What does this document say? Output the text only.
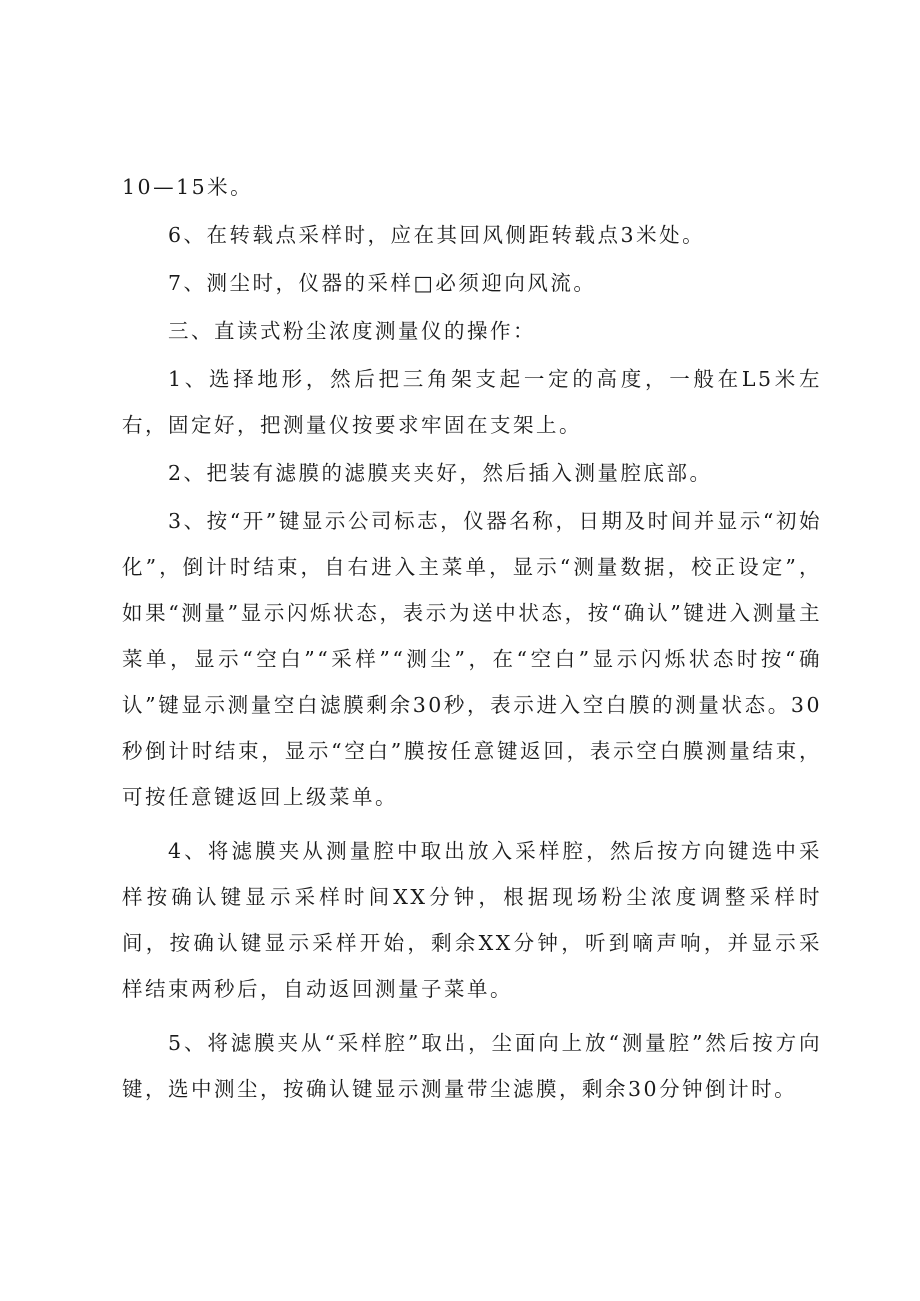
10—15米。

6、在转载点采样时，应在其回风侧距转载点3米处。

7、测尘时，仪器的采样□必须迎向风流。

三、直读式粉尘浓度测量仪的操作：

1、选择地形，然后把三角架支起一定的高度，一般在L5米左右，固定好，把测量仪按要求牢固在支架上。

2、把装有滤膜的滤膜夹夹好，然后插入测量腔底部。

3、按“开”键显示公司标志，仪器名称，日期及时间并显示“初始化”，倒计时结束，自右进入主菜单，显示“测量数据，校正设定”，如果“测量”显示闪烁状态，表示为送中状态，按“确认”键进入测量主菜单，显示“空白”“采样”“测尘”，在“空白”显示闪烁状态时按“确认”键显示测量空白滤膜剩余30秒，表示进入空白膜的测量状态。30秒倒计时结束，显示“空白”膜按任意键返回，表示空白膜测量结束，可按任意键返回上级菜单。

4、将滤膜夹从测量腔中取出放入采样腔，然后按方向键选中采样按确认键显示采样时间XX分钟，根据现场粉尘浓度调整采样时间，按确认键显示采样开始，剩余XX分钟，听到嘀声响，并显示采样结束两秒后，自动返回测量子菜单。

5、将滤膜夹从“采样腔”取出，尘面向上放“测量腔”然后按方向键，选中测尘，按确认键显示测量带尘滤膜，剩余30分钟倒计时。
